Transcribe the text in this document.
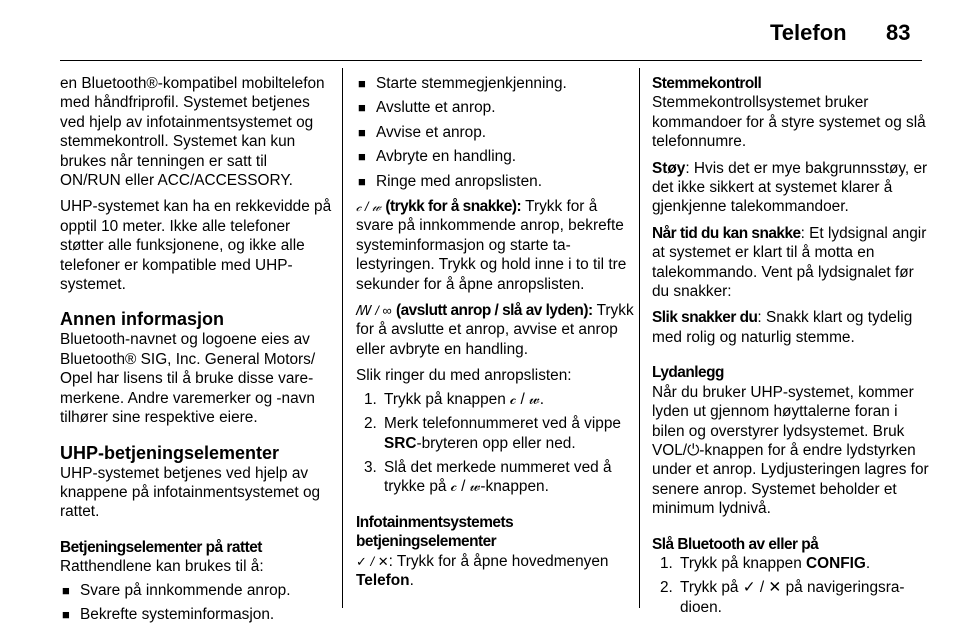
Telefon 83

en Bluetooth®-kompatibel mobiltelefon med håndfriprofil. Systemet betjenes ved hjelp av infotainmentsystemet og stemmekontroll. Systemet kan kun brukes når tenningen er satt til ON/RUN eller ACC/ACCESSORY.

UHP-systemet kan ha en rekkevidde på opptil 10 meter. Ikke alle telefoner støtter alle funksjonene, og ikke alle telefoner er kompatible med UHP-systemet.

Annen informasjon

Bluetooth-navnet og logoene eies av Bluetooth® SIG, Inc. General Motors/ Opel har lisens til å bruke disse varemerkene. Andre varemerker og -navn tilhører sine respektive eiere.

UHP-betjeningselementer

UHP-systemet betjenes ved hjelp av knappene på infotainmentsystemet og rattet.

Betjeningselementer på rattet

Ratthendlene kan brukes til å:

■ Svare på innkommende anrop.
■ Bekrefte systeminformasjon.
■ Starte stemmegjenkjenning.
■ Avslutte et anrop.
■ Avvise et anrop.
■ Avbryte en handling.
■ Ringe med anropslisten.

𝒸 / 𝓌 (trykk for å snakke): Trykk for å svare på innkommende anrop, bekrefte systeminformasjon og starte talestyringen. Trykk og hold inne i to til tre sekunder for å åpne anropslisten.

ꟿ / ∞ (avslutt anrop / slå av lyden): Trykk for å avslutte et anrop, avvise et anrop eller avbryte en handling.

Slik ringer du med anropslisten:

1. Trykk på knappen 𝒸 / 𝓌.
2. Merk telefonnummeret ved å vippe SRC-bryteren opp eller ned.
3. Slå det merkede nummeret ved å trykke på 𝒸 / 𝓌-knappen.
Infotainmentsystemets betjeningselementer

✓ / ✕: Trykk for å åpne hovedmenyen Telefon.

Stemmekontroll

Stemmekontrollsystemet bruker kommandoer for å styre systemet og slå telefonnumre.

Støy: Hvis det er mye bakgrunnsstøy, er det ikke sikkert at systemet klarer å gjenkjenne talekommandoer.

Når tid du kan snakke: Et lydsignal angir at systemet er klart til å motta en talekommando. Vent på lydsignalet før du snakker:

Slik snakker du: Snakk klart og tydelig med rolig og naturlig stemme.

Lydanlegg

Når du bruker UHP-systemet, kommer lyden ut gjennom høyttalerne foran i bilen og overstyrer lydsystemet. Bruk VOL/⏻-knappen for å endre lydstyrken under et anrop. Lydjusteringen lagres for senere anrop. Systemet beholder et minimum lydnivå.

Slå Bluetooth av eller på
1. Trykk på knappen CONFIG.
2. Trykk på ✓ / ✕ på navigeringsradioen.
